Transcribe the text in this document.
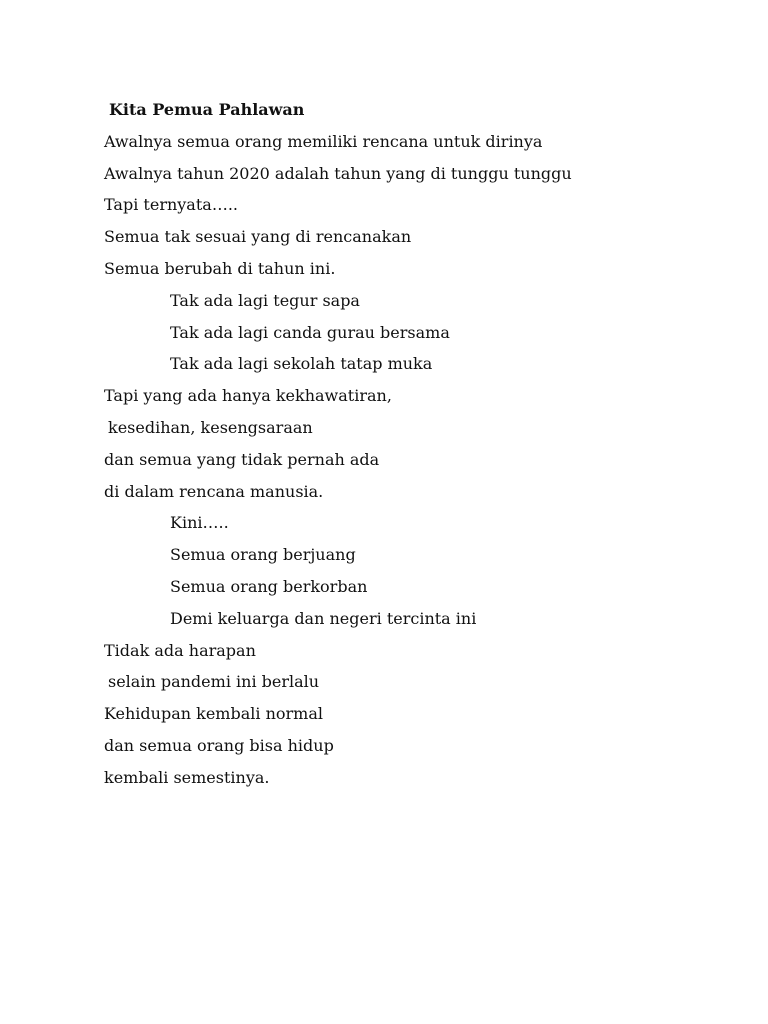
Kita Pemua Pahlawan
Awalnya semua orang memiliki rencana untuk dirinya
Awalnya tahun 2020 adalah tahun yang di tunggu tunggu
Tapi ternyata…..
Semua tak sesuai yang di rencanakan
Semua berubah di tahun ini.
Tak ada lagi tegur sapa
Tak ada lagi canda gurau bersama
Tak ada lagi sekolah tatap muka
Tapi yang ada hanya kekhawatiran,
kesedihan, kesengsaraan
dan semua yang tidak pernah ada
di dalam rencana manusia.
Kini…..
Semua orang berjuang
Semua orang berkorban
Demi keluarga dan negeri tercinta ini
Tidak ada harapan
selain pandemi ini berlalu
Kehidupan kembali normal
dan semua orang bisa hidup
kembali semestinya.
